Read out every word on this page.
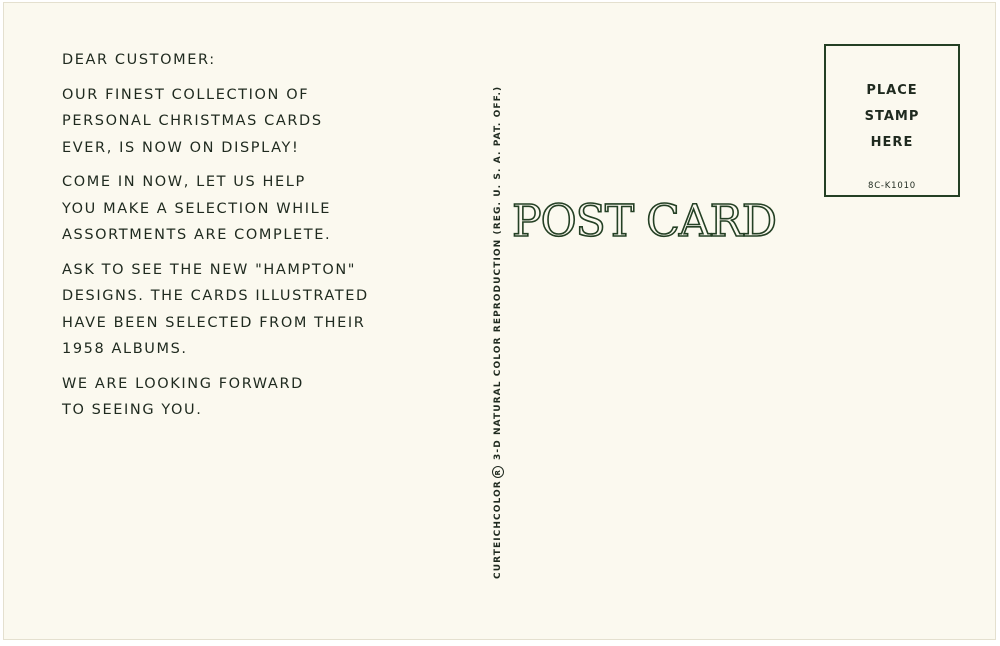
DEAR CUSTOMER:
OUR FINEST COLLECTION OF
PERSONAL CHRISTMAS CARDS
EVER, IS NOW ON DISPLAY!
COME IN NOW, LET US HELP
YOU MAKE A SELECTION WHILE
ASSORTMENTS ARE COMPLETE.
ASK TO SEE THE NEW "HAMPTON"
DESIGNS. THE CARDS ILLUSTRATED
HAVE BEEN SELECTED FROM THEIR
1958 ALBUMS.
WE ARE LOOKING FORWARD
TO SEEING YOU.
CURTEICHCOLORR 3-D NATURAL COLOR REPRODUCTION (REG. U. S. A. PAT. OFF.) POST CARD
PLACE
STAMP
HERE
8C-K1010
